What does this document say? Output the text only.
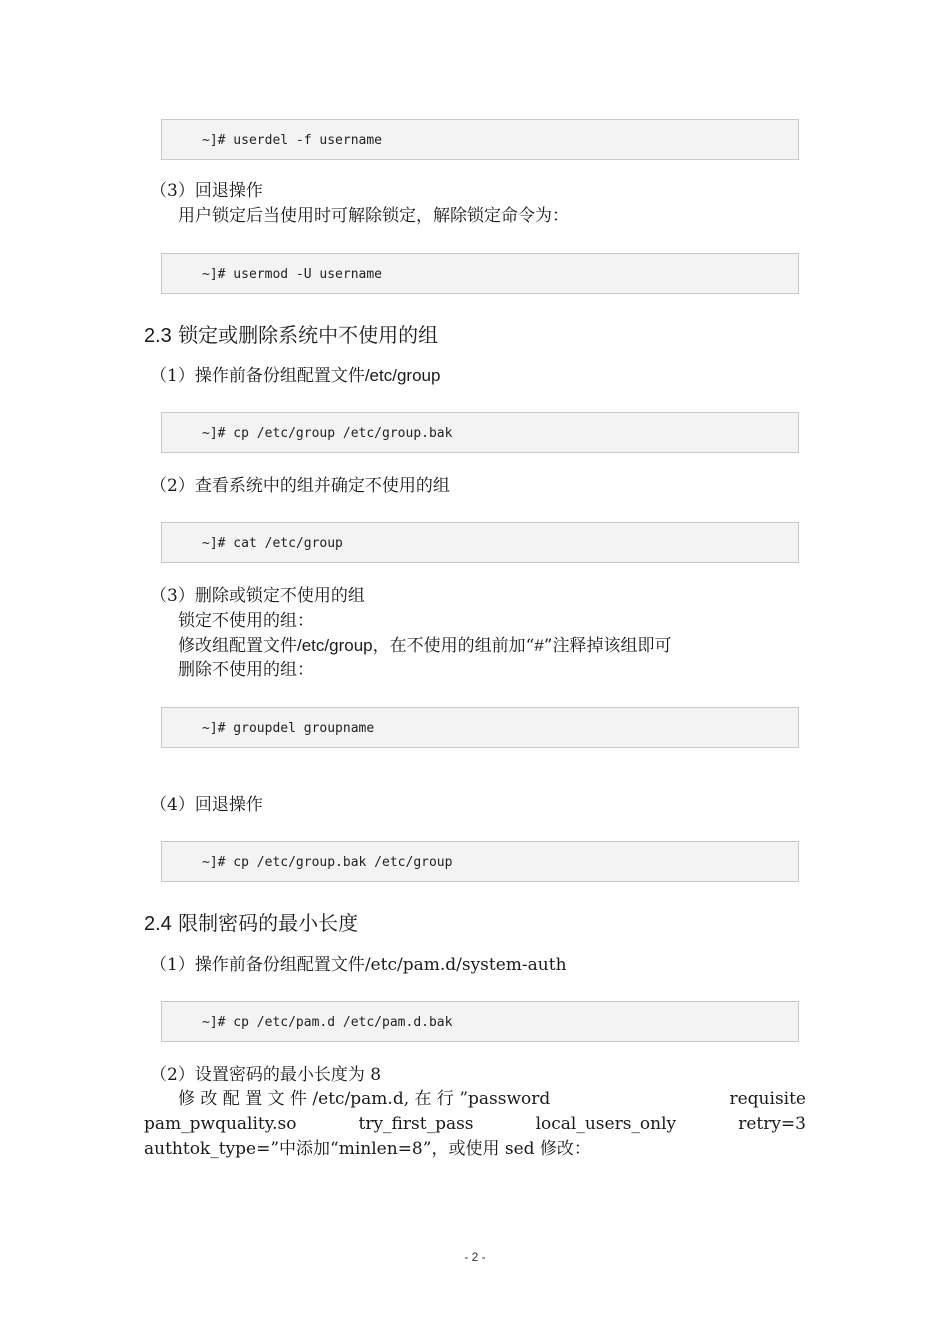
~]# userdel -f username
（3）回退操作
用户锁定后当使用时可解除锁定，解除锁定命令为：
~]# usermod -U username
2.3 锁定或删除系统中不使用的组
（1）操作前备份组配置文件/etc/group
~]# cp /etc/group /etc/group.bak
（2）查看系统中的组并确定不使用的组
~]# cat /etc/group
（3）删除或锁定不使用的组
锁定不使用的组：
修改组配置文件/etc/group，在不使用的组前加“#”注释掉该组即可
删除不使用的组：
~]# groupdel groupname
（4）回退操作
~]# cp /etc/group.bak /etc/group
2.4 限制密码的最小长度
（1）操作前备份组配置文件/etc/pam.d/system-auth
~]# cp /etc/pam.d /etc/pam.d.bak
（2）设置密码的最小长度为 8
修 改 配 置 文 件 /etc/pam.d, 在 行 ”password	requisite
pam_pwquality.so	try_first_pass	local_users_only	retry=3
authtok_type=”中添加“minlen=8”，或使用 sed 修改：
- 2 -
